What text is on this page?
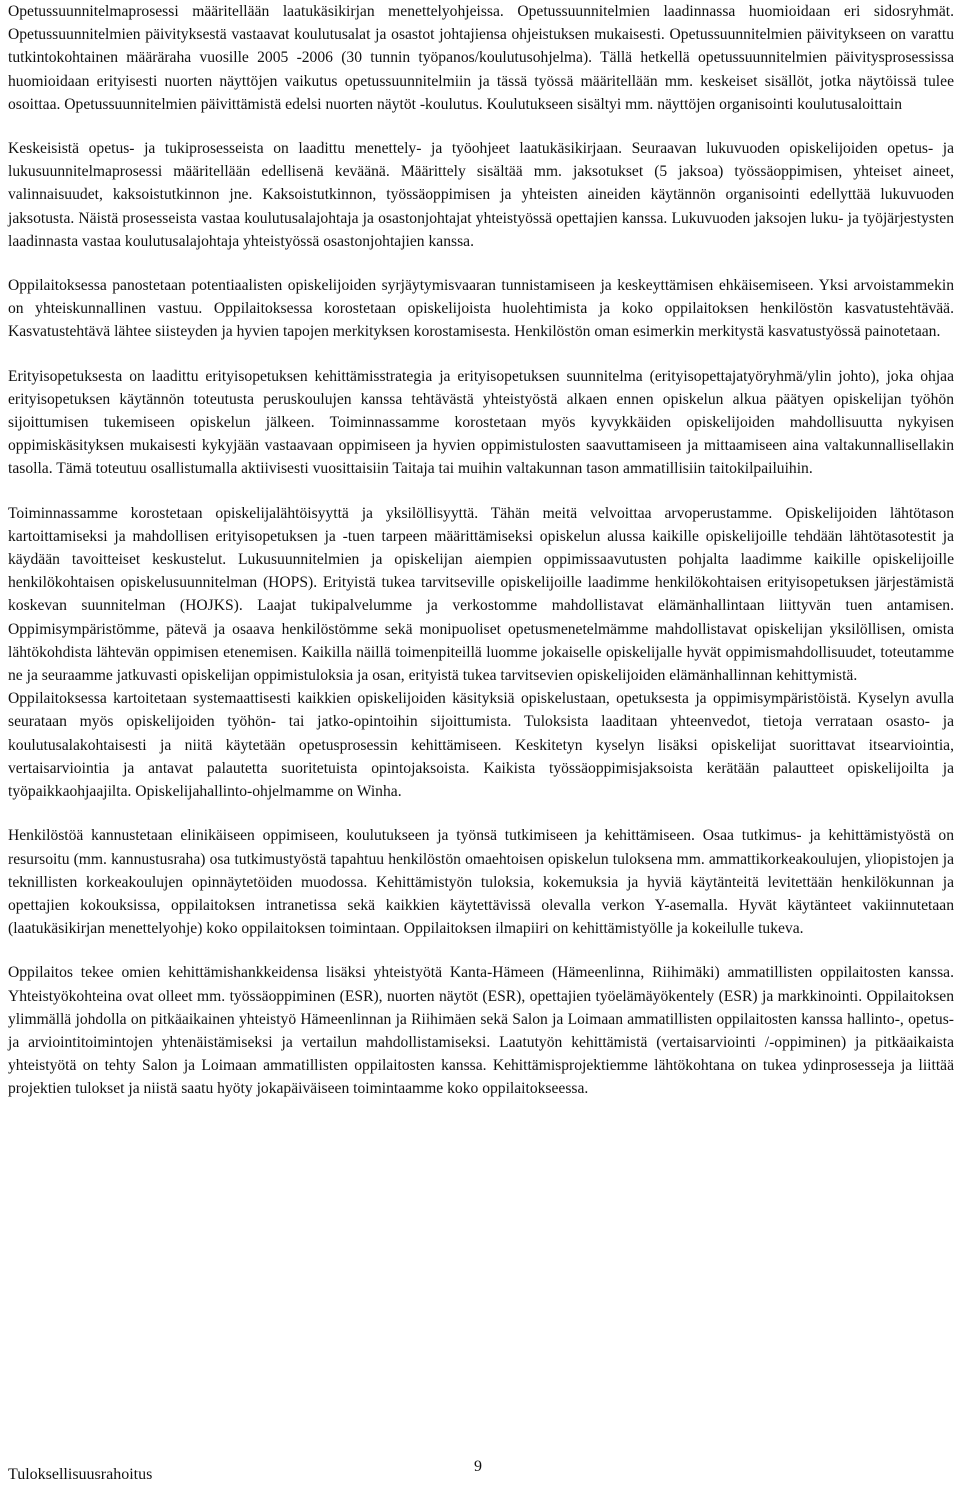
Opetussuunnitelmaprosessi määritellään laatukäsikirjan menettelyohjeissa. Opetussuunnitelmien laadinnassa huomioidaan eri sidosryhmät. Opetussuunnitelmien päivityksestä vastaavat koulutusalat ja osastot johtajiensa ohjeistuksen mukaisesti. Opetussuunnitelmien päivitykseen on varattu tutkintokohtainen määräraha vuosille 2005 -2006 (30 tunnin työpanos/koulutusohjelma). Tällä hetkellä opetussuunnitelmien päivitysprosessissa huomioidaan erityisesti nuorten näyttöjen vaikutus opetussuunnitelmiin ja tässä työssä määritellään mm. keskeiset sisällöt, jotka näytöissä tulee osoittaa. Opetussuunnitelmien päivittämistä edelsi nuorten näytöt -koulutus. Koulutukseen sisältyi mm. näyttöjen organisointi koulutusaloittain

Keskeisistä opetus- ja tukiprosesseista on laadittu menettely- ja työohjeet laatukäsikirjaan. Seuraavan lukuvuoden opiskelijoiden opetus- ja lukusuunnitelmaprosessi määritellään edellisenä keväänä. Määrittely sisältää mm. jaksotukset (5 jaksoa) työssäoppimisen, yhteiset aineet, valinnaisuudet, kaksoistutkinnon jne. Kaksoistutkinnon, työssäoppimisen ja yhteisten aineiden käytännön organisointi edellyttää lukuvuoden jaksotusta. Näistä prosesseista vastaa koulutusalajohtaja ja osastonjohtajat yhteistyössä opettajien kanssa. Lukuvuoden jaksojen luku- ja työjärjestysten laadinnasta vastaa koulutusalajohtaja yhteistyössä osastonjohtajien kanssa.

Oppilaitoksessa panostetaan potentiaalisten opiskelijoiden syrjäytymisvaaran tunnistamiseen ja keskeyttämisen ehkäisemiseen. Yksi arvoistammekin on yhteiskunnallinen vastuu. Oppilaitoksessa korostetaan opiskelijoista huolehtimista ja koko oppilaitoksen henkilöstön kasvatustehtävää. Kasvatustehtävä lähtee siisteyden ja hyvien tapojen merkityksen korostamisesta. Henkilöstön oman esimerkin merkitystä kasvatustyössä painotetaan.

Erityisopetuksesta on laadittu erityisopetuksen kehittämisstrategia ja erityisopetuksen suunnitelma (erityisopettajatyöryhmä/ylin johto), joka ohjaa erityisopetuksen käytännön toteutusta peruskoulujen kanssa tehtävästä yhteistyöstä alkaen ennen opiskelun alkua päätyen opiskelijan työhön sijoittumisen tukemiseen opiskelun jälkeen. Toiminnassamme korostetaan myös kyvykkäiden opiskelijoiden mahdollisuutta nykyisen oppimiskäsityksen mukaisesti kykyjään vastaavaan oppimiseen ja hyvien oppimistulosten saavuttamiseen ja mittaamiseen aina valtakunnallisellakin tasolla. Tämä toteutuu osallistumalla aktiivisesti vuosittaisiin Taitaja tai muihin valtakunnan tason ammatillisiin taitokilpailuihin.

Toiminnassamme korostetaan opiskelijalähtöisyyttä ja yksilöllisyyttä. Tähän meitä velvoittaa arvoperustamme. Opiskelijoiden lähtötason kartoittamiseksi ja mahdollisen erityisopetuksen ja -tuen tarpeen määrittämiseksi opiskelun alussa kaikille opiskelijoille tehdään lähtötasotestit ja käydään tavoitteiset keskustelut. Lukusuunnitelmien ja opiskelijan aiempien oppimissaavutusten pohjalta laadimme kaikille opiskelijoille henkilökohtaisen opiskelusuunnitelman (HOPS). Erityistä tukea tarvitseville opiskelijoille laadimme henkilökohtaisen erityisopetuksen järjestämistä koskevan suunnitelman (HOJKS). Laajat tukipalvelumme ja verkostomme mahdollistavat elämänhallintaan liittyvän tuen antamisen. Oppimisympäristömme, pätevä ja osaava henkilöstömme sekä monipuoliset opetusmenetelmämme mahdollistavat opiskelijan yksilöllisen, omista lähtökohdista lähtevän oppimisen etenemisen. Kaikilla näillä toimenpiteillä luomme jokaiselle opiskelijalle hyvät oppimismahdollisuudet, toteutamme ne ja seuraamme jatkuvasti opiskelijan oppimistuloksia ja osan, erityistä tukea tarvitsevien opiskelijoiden elämänhallinnan kehittymistä.

Oppilaitoksessa kartoitetaan systemaattisesti kaikkien opiskelijoiden käsityksiä opiskelustaan, opetuksesta ja oppimisympäristöistä. Kyselyn avulla seurataan myös opiskelijoiden työhön- tai jatko-opintoihin sijoittumista. Tuloksista laaditaan yhteenvedot, tietoja verrataan osasto- ja koulutusalakohtaisesti ja niitä käytetään opetusprosessin kehittämiseen. Keskitetyn kyselyn lisäksi opiskelijat suorittavat itsearviointia, vertaisarviointia ja antavat palautetta suoritetuista opintojaksoista. Kaikista työssäoppimisjaksoista kerätään palautteet opiskelijoilta ja työpaikkaohjaajilta. Opiskelijahallinto-ohjelmamme on Winha.

Henkilöstöä kannustetaan elinikäiseen oppimiseen, koulutukseen ja työnsä tutkimiseen ja kehittämiseen. Osaa tutkimus- ja kehittämistyöstä on resursoitu (mm. kannustusraha) osa tutkimustyöstä tapahtuu henkilöstön omaehtoisen opiskelun tuloksena mm. ammattikorkeakoulujen, yliopistojen ja teknillisten korkeakoulujen opinnäytetöiden muodossa. Kehittämistyön tuloksia, kokemuksia ja hyviä käytänteitä levitettään henkilökunnan ja opettajien kokouksissa, oppilaitoksen intranetissa sekä kaikkien käytettävissä olevalla verkon Y-asemalla. Hyvät käytänteet vakiinnutetaan (laatukäsikirjan menettelyohje) koko oppilaitoksen toimintaan. Oppilaitoksen ilmapiiri on kehittämistyölle ja kokeilulle tukeva.

Oppilaitos tekee omien kehittämishankkeidensa lisäksi yhteistyötä Kanta-Hämeen (Hämeenlinna, Riihimäki) ammatillisten oppilaitosten kanssa. Yhteistyökohteina ovat olleet mm. työssäoppiminen (ESR), nuorten näytöt (ESR), opettajien työelämäyökentely (ESR) ja markkinointi. Oppilaitoksen ylimmällä johdolla on pitkäaikainen yhteistyö Hämeenlinnan ja Riihimäen sekä Salon ja Loimaan ammatillisten oppilaitosten kanssa hallinto-, opetus- ja arviointitoimintojen yhtenäistämiseksi ja vertailun mahdollistamiseksi. Laatutyön kehittämistä (vertaisarviointi /-oppiminen) ja pitkäaikaista yhteistyötä on tehty Salon ja Loimaan ammatillisten oppilaitosten kanssa. Kehittämisprojektiemme lähtökohtana on tukea ydinprosesseja ja liittää projektien tulokset ja niistä saatu hyöty jokapäiväiseen toimintaamme koko oppilaitokseessa.

Tuloksellisuusrahoitus	9
